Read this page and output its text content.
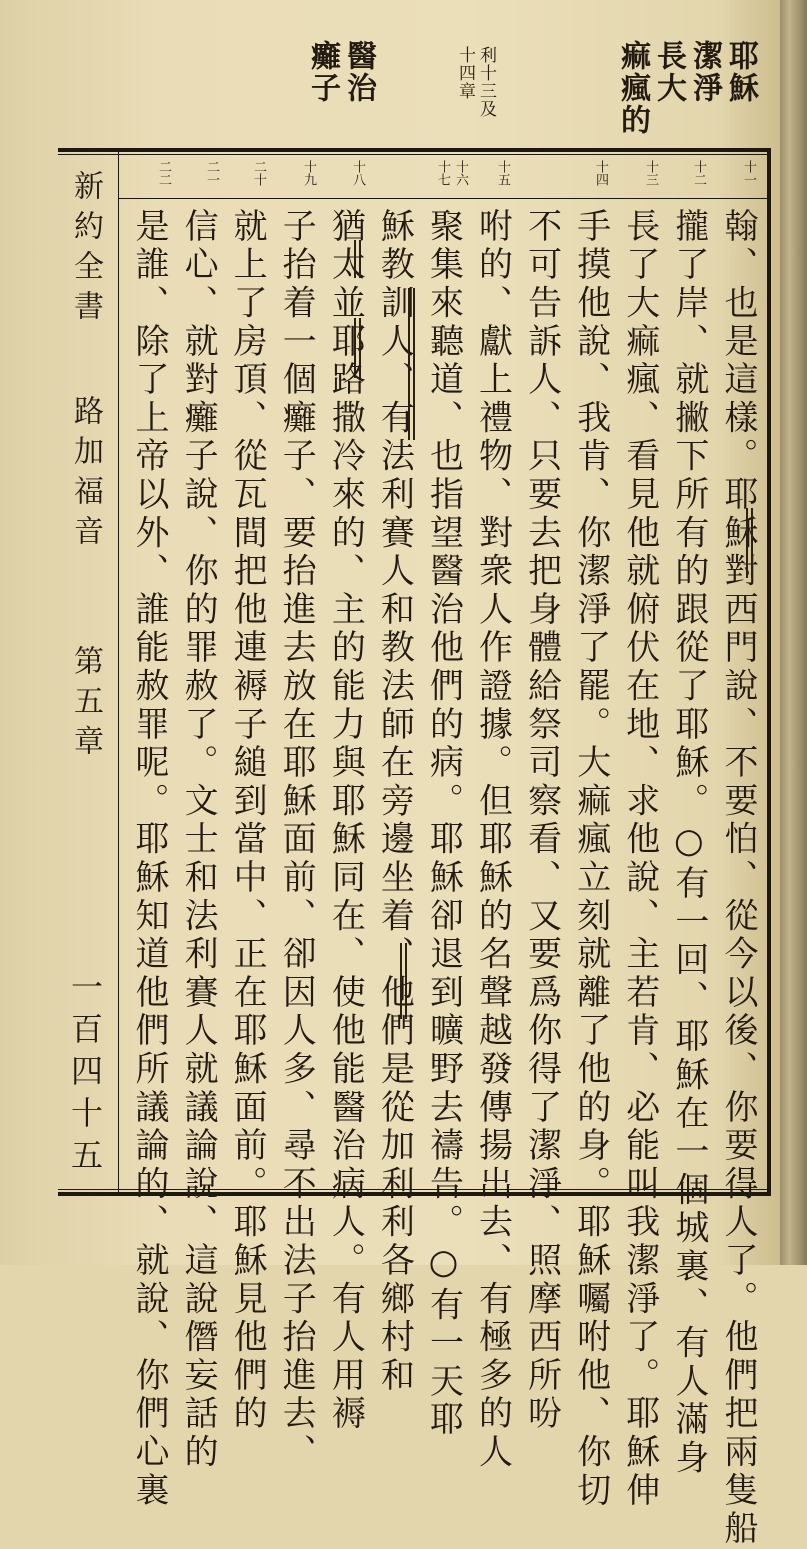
耶穌
潔淨
長大
痲瘋的
利十三及
十四章
醫治
癱子
十一
十二
十三
十四
十五
十六
十七
十八
十九
二十
二一
二二
翰、也是這樣。耶穌對西門說、不要怕、從今以後、你要得人了。他們把兩隻船
攏了岸、就撇下所有的跟從了耶穌。○有一回、耶穌在一個城裏、有人滿身
長了大痲瘋、看見他就俯伏在地、求他說、主若肯、必能叫我潔淨了。耶穌伸
手摸他說、我肯、你潔淨了罷。大痲瘋立刻就離了他的身。耶穌囑咐他、你切
不可告訴人、只要去把身體給祭司察看、又要爲你得了潔淨、照摩西所吩
咐的、獻上禮物、對衆人作證據。但耶穌的名聲越發傳揚出去、有極多的人
聚集來聽道、也指望醫治他們的病。耶穌卻退到曠野去禱告。○有一天耶
穌教訓人、有法利賽人和教法師在旁邊坐着、他們是從加利利各鄉村和
猶太並耶路撒冷來的、主的能力與耶穌同在、使他能醫治病人。有人用褥
子抬着一個癱子、要抬進去放在耶穌面前、卻因人多、尋不出法子抬進去、
就上了房頂、從瓦間把他連褥子縋到當中、正在耶穌面前。耶穌見他們的
信心、就對癱子說、你的罪赦了。文士和法利賽人就議論說、這說僭妄話的
是誰、除了上帝以外、誰能赦罪呢。耶穌知道他們所議論的、就說、你們心裏
新約全書
路加福音
第五章
一百四十五
